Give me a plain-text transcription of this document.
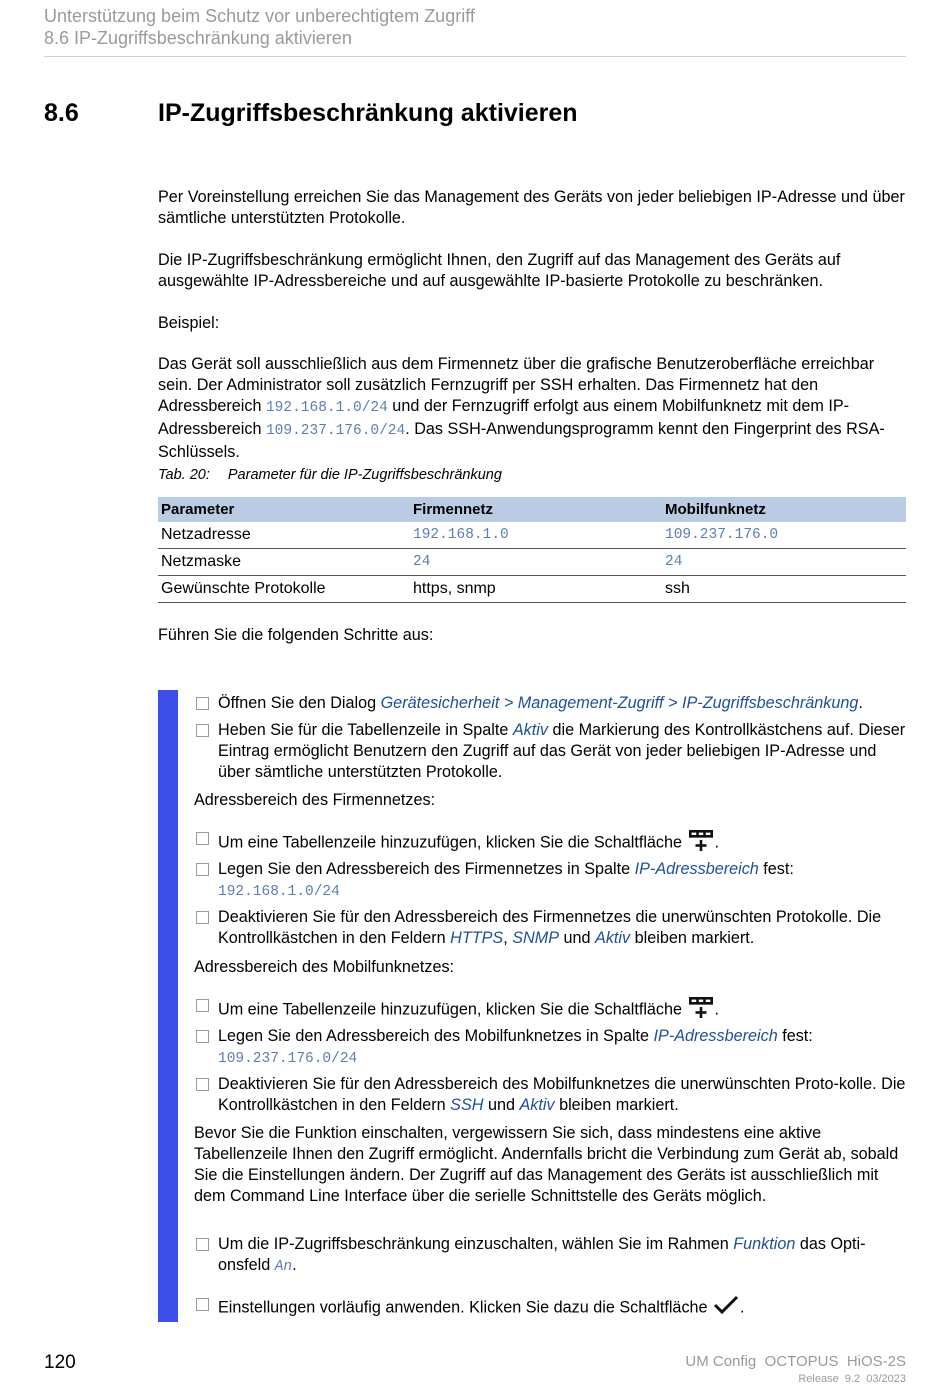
Unterstützung beim Schutz vor unberechtigtem Zugriff
8.6 IP-Zugriffsbeschränkung aktivieren
8.6	IP-Zugriffsbeschränkung aktivieren
Per Voreinstellung erreichen Sie das Management des Geräts von jeder beliebigen IP-Adresse und über sämtliche unterstützten Protokolle.
Die IP-Zugriffsbeschränkung ermöglicht Ihnen, den Zugriff auf das Management des Geräts auf ausgewählte IP-Adressbereiche und auf ausgewählte IP-basierte Protokolle zu beschränken.
Beispiel:
Das Gerät soll ausschließlich aus dem Firmennetz über die grafische Benutzeroberfläche erreichbar sein. Der Administrator soll zusätzlich Fernzugriff per SSH erhalten. Das Firmennetz hat den Adressbereich 192.168.1.0/24 und der Fernzugriff erfolgt aus einem Mobilfunknetz mit dem IP-Adressbereich 109.237.176.0/24. Das SSH-Anwendungsprogramm kennt den Fingerprint des RSA-Schlüssels.
Tab. 20: Parameter für die IP-Zugriffsbeschränkung
Parameter	Firmennetz	Mobilfunknetz
Netzadresse	192.168.1.0	109.237.176.0
Netzmaske	24	24
Gewünschte Protokolle	https, snmp	ssh
Führen Sie die folgenden Schritte aus:
Öffnen Sie den Dialog Gerätesicherheit > Management-Zugriff > IP-Zugriffsbeschränkung.
Heben Sie für die Tabellenzeile in Spalte Aktiv die Markierung des Kontrollkästchens auf. Dieser Eintrag ermöglicht Benutzern den Zugriff auf das Gerät von jeder beliebigen IP-Adresse und über sämtliche unterstützten Protokolle.
Adressbereich des Firmennetzes:
Um eine Tabellenzeile hinzuzufügen, klicken Sie die Schaltfläche .
Legen Sie den Adressbereich des Firmennetzes in Spalte IP-Adressbereich fest:
192.168.1.0/24
Deaktivieren Sie für den Adressbereich des Firmennetzes die unerwünschten Protokolle. Die Kontrollkästchen in den Feldern HTTPS, SNMP und Aktiv bleiben markiert.
Adressbereich des Mobilfunknetzes:
Um eine Tabellenzeile hinzuzufügen, klicken Sie die Schaltfläche .
Legen Sie den Adressbereich des Mobilfunknetzes in Spalte IP-Adressbereich fest:
109.237.176.0/24
Deaktivieren Sie für den Adressbereich des Mobilfunknetzes die unerwünschten Proto-kolle. Die Kontrollkästchen in den Feldern SSH und Aktiv bleiben markiert.
Bevor Sie die Funktion einschalten, vergewissern Sie sich, dass mindestens eine aktive Tabellenzeile Ihnen den Zugriff ermöglicht. Andernfalls bricht die Verbindung zum Gerät ab, sobald Sie die Einstellungen ändern. Der Zugriff auf das Management des Geräts ist ausschließlich mit dem Command Line Interface über die serielle Schnittstelle des Geräts möglich.
Um die IP-Zugriffsbeschränkung einzuschalten, wählen Sie im Rahmen Funktion das Opti-onsfeld An.
Einstellungen vorläufig anwenden. Klicken Sie dazu die Schaltfläche .
120	UM Config  OCTOPUS  HiOS-2S
Release  9.2  03/2023
